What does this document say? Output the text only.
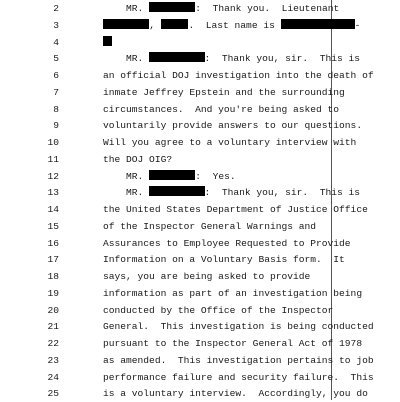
2	MR.	:  Thank you.  Lieutenant
3	,	.  Last name is	-
4
5	MR.	:  Thank you, sir.  This is
6	an official DOJ investigation into the death of
7	inmate Jeffrey Epstein and the surrounding
8	circumstances.  And you're being asked to
9	voluntarily provide answers to our questions.
10	Will you agree to a voluntary interview with
11	the DOJ OIG?
12	MR.	:  Yes.
13	MR.	:  Thank you, sir.  This is
14	the United States Department of Justice Office
15	of the Inspector General Warnings and
16	Assurances to Employee Requested to Provide
17	Information on a Voluntary Basis form.  It
18	says, you are being asked to provide
19	information as part of an investigation being
20	conducted by the Office of the Inspector
21	General.  This investigation is being conducted
22	pursuant to the Inspector General Act of 1978
23	as amended.  This investigation pertains to job
24	performance failure and security failure.  This
25	is a voluntary interview.  Accordingly, you do
